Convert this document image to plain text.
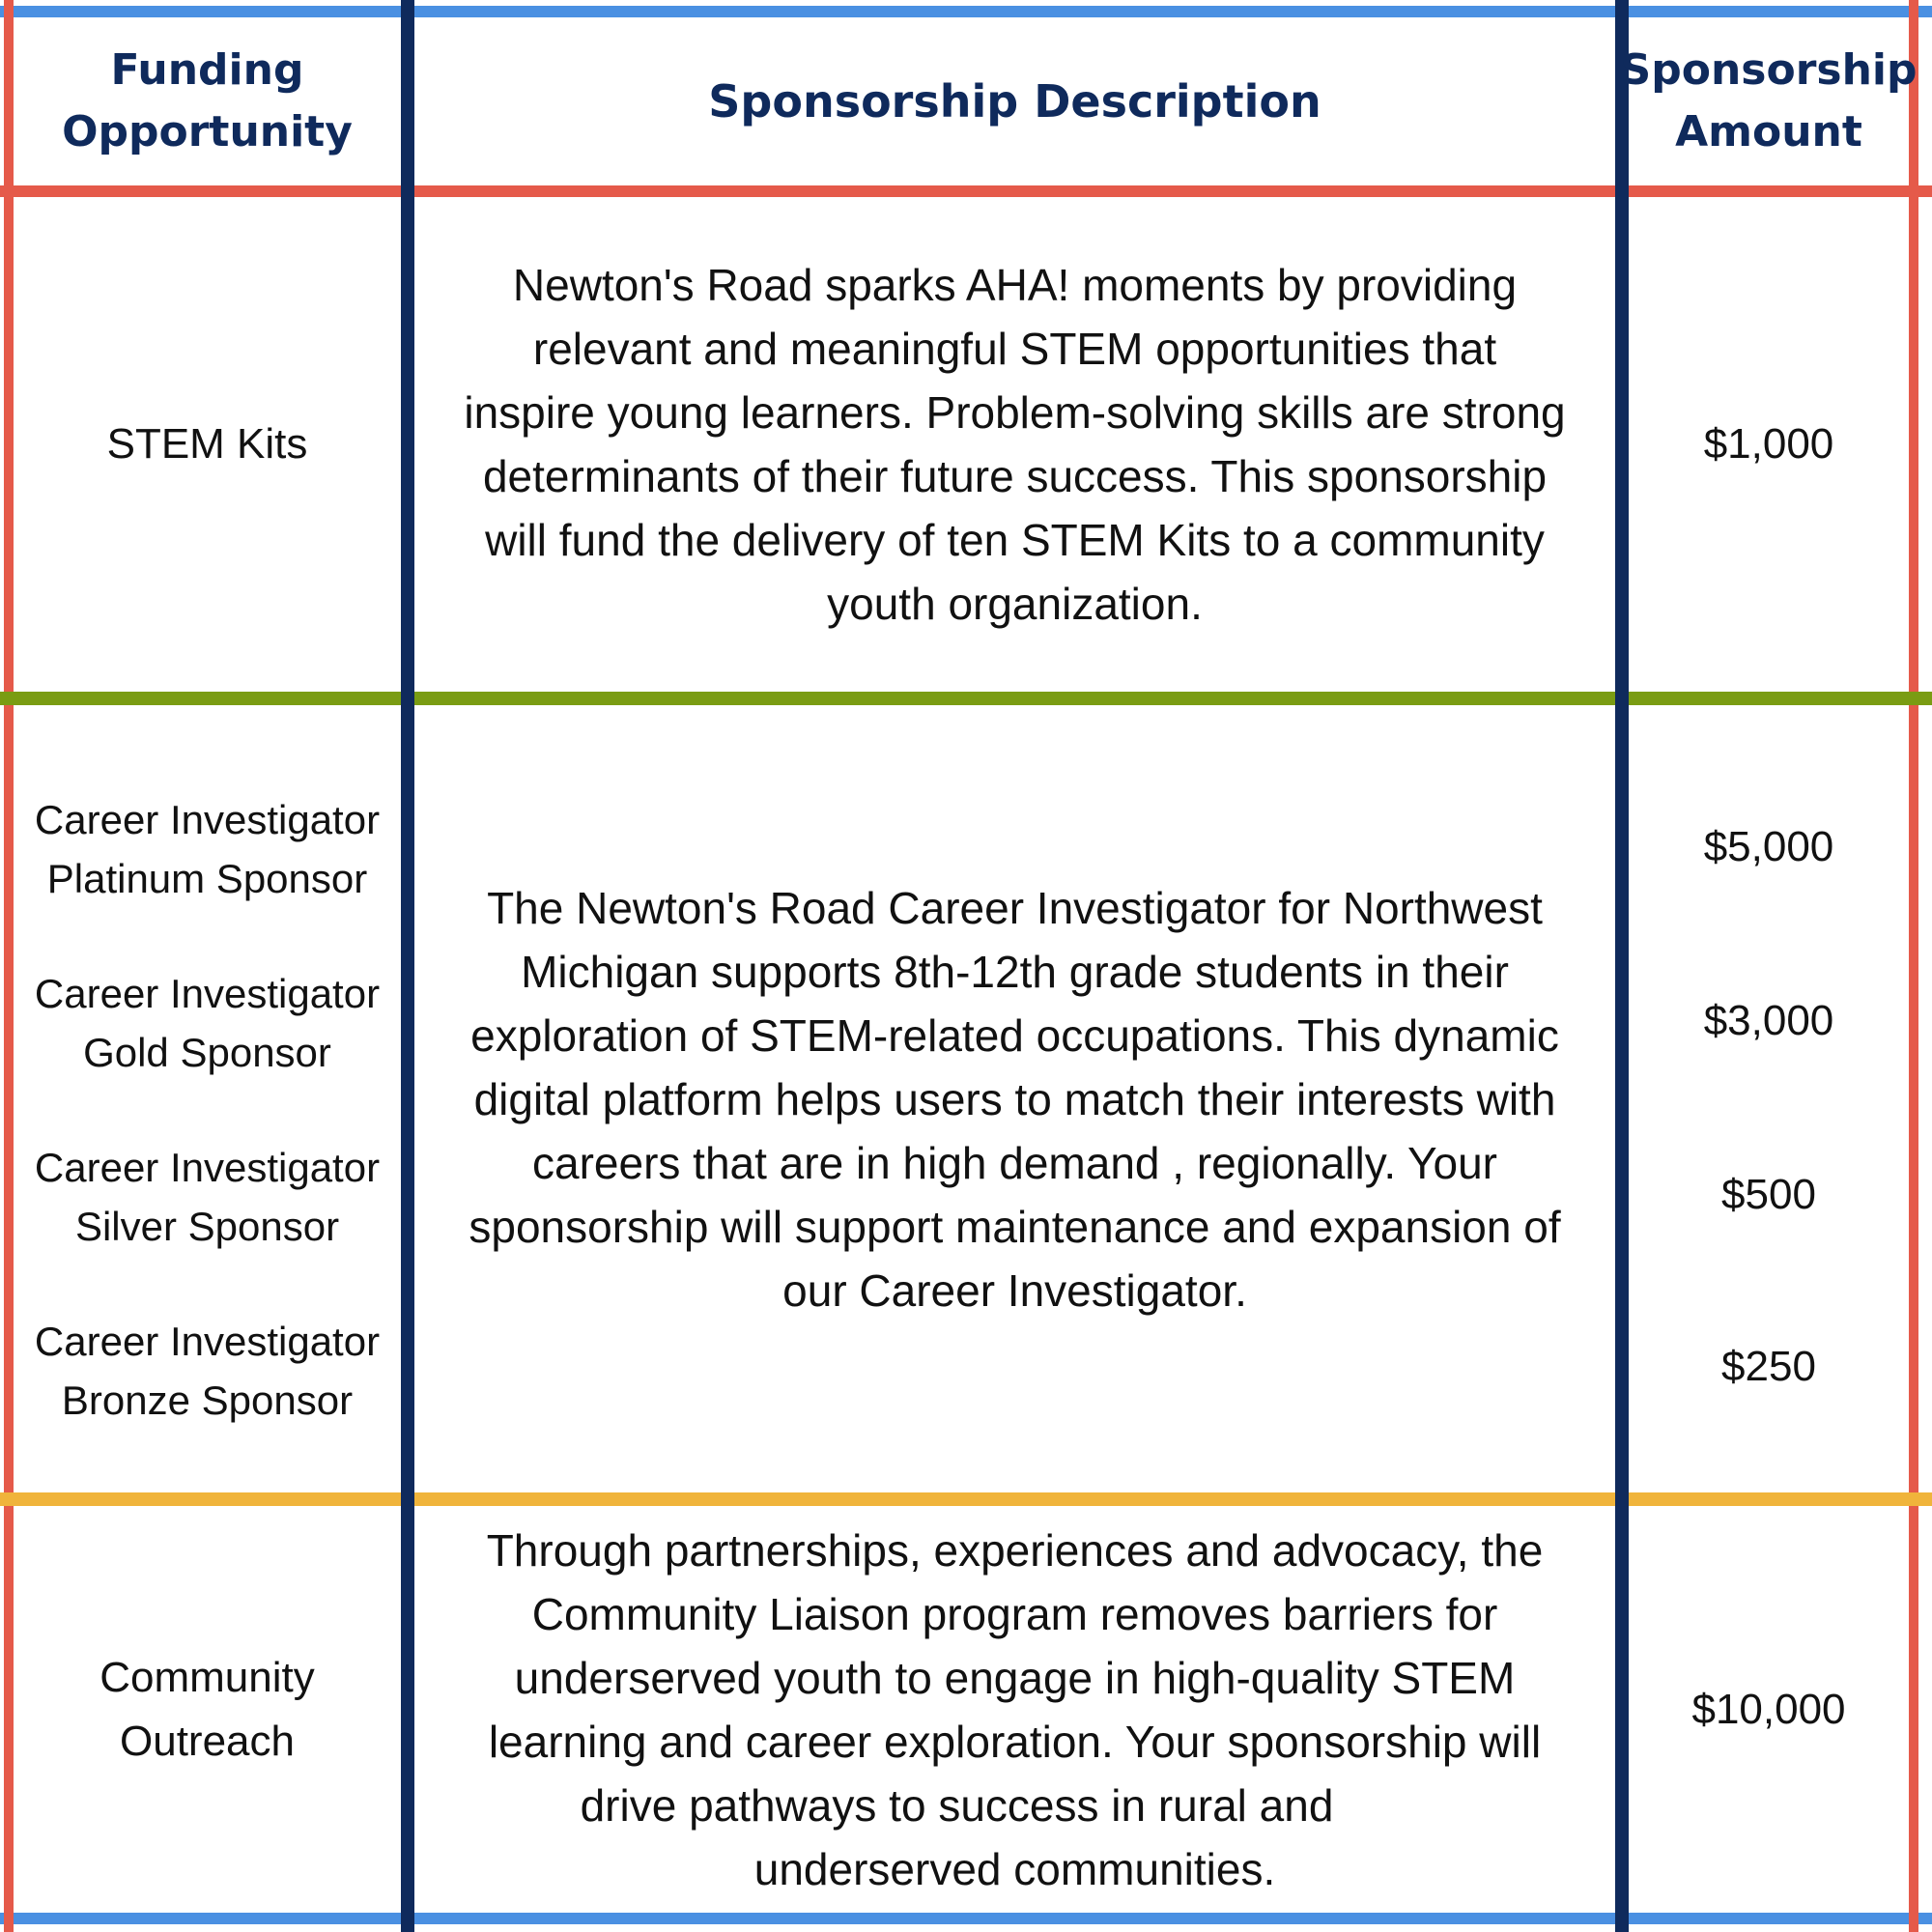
Funding
Opportunity
Sponsorship Description
Sponsorship
Amount
STEM Kits
Newton's Road sparks AHA! moments by providing
relevant and meaningful STEM opportunities that
inspire young learners. Problem-solving skills are strong
determinants of their future success. This sponsorship
will fund the delivery of ten STEM Kits to a community
youth organization.
$1,000
Career Investigator
Platinum Sponsor
Career Investigator
Gold Sponsor
Career Investigator
Silver Sponsor
Career Investigator
Bronze Sponsor
The Newton's Road Career Investigator for Northwest
Michigan supports 8th-12th grade students in their
exploration of STEM-related occupations. This dynamic
digital platform helps users to match their interests with
careers that are in high demand , regionally. Your
sponsorship will support maintenance and expansion of
our Career Investigator.
$5,000
$3,000
$500
$250
Community
Outreach
Through partnerships, experiences and advocacy, the
Community Liaison program removes barriers for
underserved youth to engage in high-quality STEM
learning and career exploration. Your sponsorship will
drive pathways to success in rural and
underserved communities.
$10,000
